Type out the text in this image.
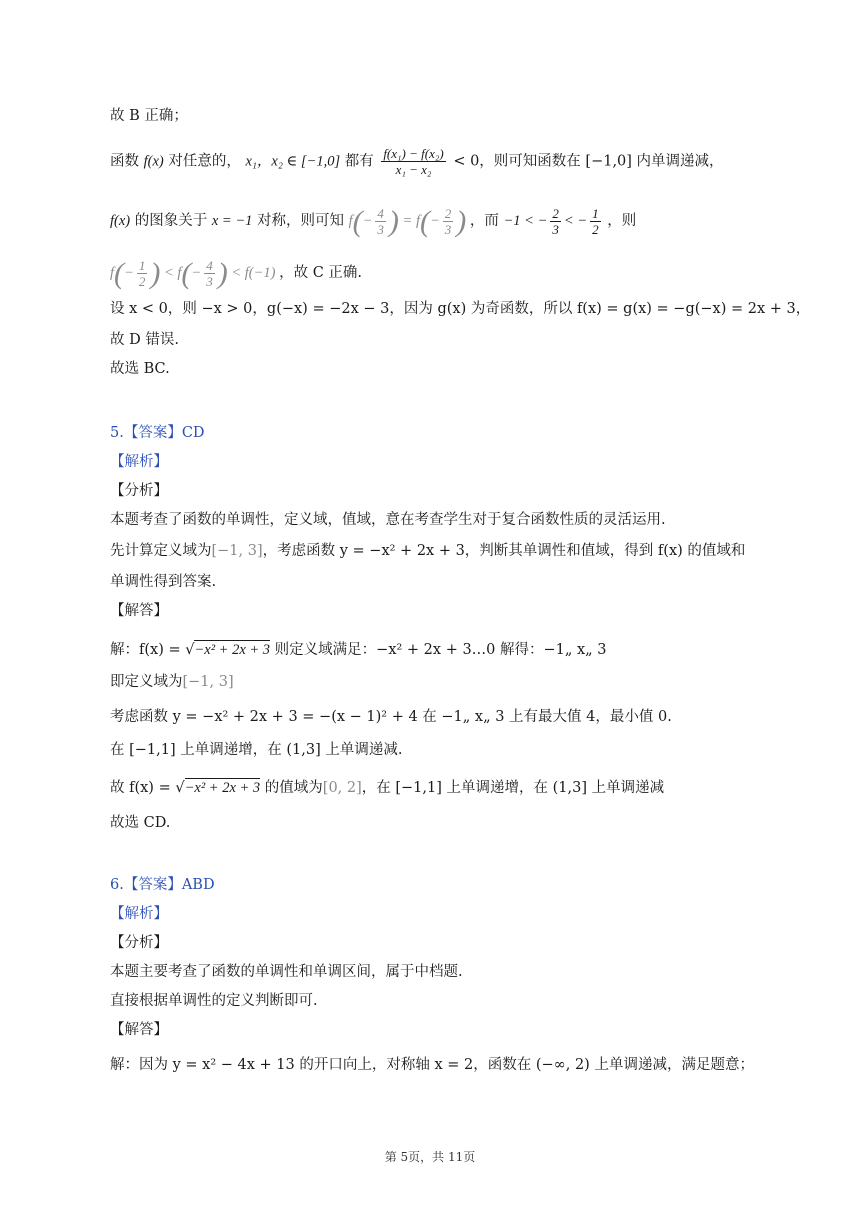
故 B 正确；
函数 f(x) 对任意的， x₁，x₂ ∈ [−1,0] 都有 $\frac{\text{f(x₁) − f(x₂)}}{\text{x₁ − x₂}} < 0$，则可知函数在 [−1,0] 内单调递减，
f(x) 的图象关于 x = −1 对称，则可知 $f(- \frac{4}{3}$ ) = $f(- \frac{2}{3}$ ) ，而 −1 < − $\frac{2}{3}$ < − $\frac{1}{2}$ ，则
$f(- \frac{1}{2}$ ) < $f(- \frac{4}{3}$ ) < f(−1) ，故 C 正确.
设 x < 0，则 −x > 0，g(−x) = −2x − 3，因为 g(x) 为奇函数，所以 f(x) = g(x) = −g(−x) = 2x + 3，
故 D 错误.
故选 BC.
5.【答案】CD
【解析】
【分析】
本题考查了函数的单调性，定义域，值域，意在考查学生对于复合函数性质的灵活运用.
先计算定义域为[−1, 3]，考虑函数 y = −x² + 2x + 3，判断其单调性和值域，得到 f(x) 的值域和
单调性得到答案.
【解答】
解：f(x) = √−x² + 2x + 3 则定义域满足：−x² + 2x + 3…0 解得：−1„ x„ 3
即定义域为[−1, 3]
考虑函数 y = −x² + 2x + 3 = −(x − 1)² + 4 在 −1„ x„ 3 上有最大值 4，最小值 0.
在 [−1,1] 上单调递增，在 (1,3] 上单调递减.
故 f(x) = √−x² + 2x + 3 的值域为[0, 2]，在 [−1,1] 上单调递增，在 (1,3] 上单调递减
故选 CD.
6.【答案】ABD
【解析】
【分析】
本题主要考查了函数的单调性和单调区间，属于中档题.
直接根据单调性的定义判断即可.
【解答】
解：因为 y = x² − 4x + 13 的开口向上，对称轴 x = 2，函数在 (−∞, 2) 上单调递减，满足题意；
第 5页，共 11页
